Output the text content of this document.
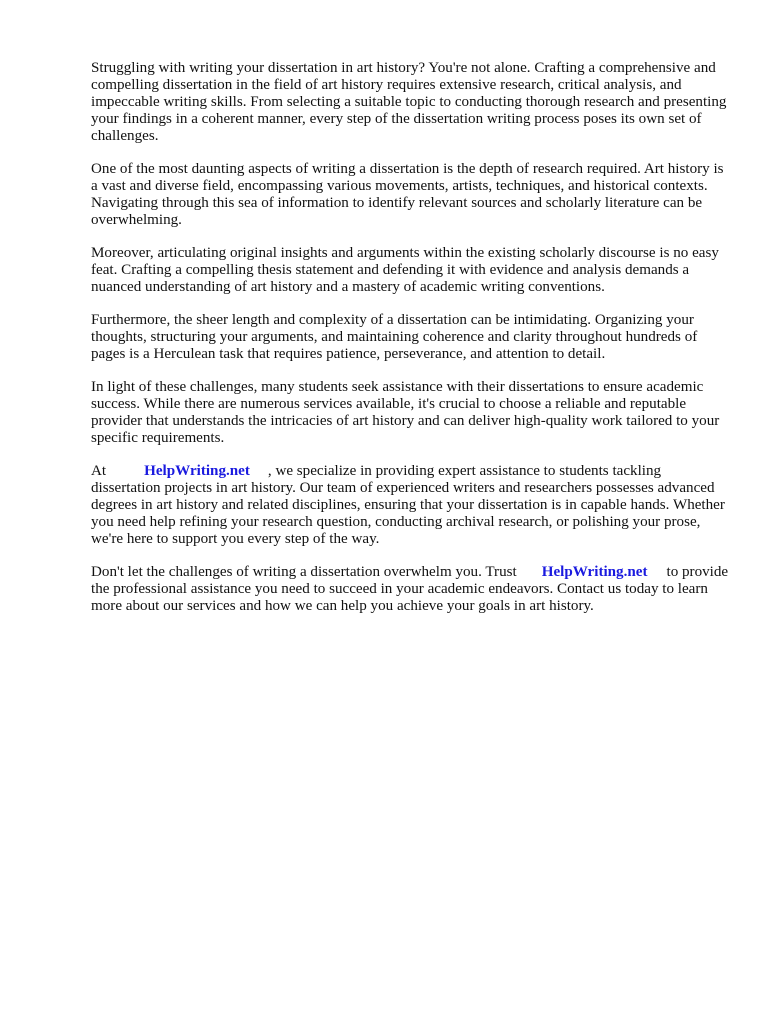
Struggling with writing your dissertation in art history? You're not alone. Crafting a comprehensive and compelling dissertation in the field of art history requires extensive research, critical analysis, and impeccable writing skills. From selecting a suitable topic to conducting thorough research and presenting your findings in a coherent manner, every step of the dissertation writing process poses its own set of challenges.

One of the most daunting aspects of writing a dissertation is the depth of research required. Art history is a vast and diverse field, encompassing various movements, artists, techniques, and historical contexts. Navigating through this sea of information to identify relevant sources and scholarly literature can be overwhelming.

Moreover, articulating original insights and arguments within the existing scholarly discourse is no easy feat. Crafting a compelling thesis statement and defending it with evidence and analysis demands a nuanced understanding of art history and a mastery of academic writing conventions.

Furthermore, the sheer length and complexity of a dissertation can be intimidating. Organizing your thoughts, structuring your arguments, and maintaining coherence and clarity throughout hundreds of pages is a Herculean task that requires patience, perseverance, and attention to detail.

In light of these challenges, many students seek assistance with their dissertations to ensure academic success. While there are numerous services available, it's crucial to choose a reliable and reputable provider that understands the intricacies of art history and can deliver high-quality work tailored to your specific requirements.

At	HelpWriting.net , we specialize in providing expert assistance to students tackling dissertation projects in art history. Our team of experienced writers and researchers possesses advanced degrees in art history and related disciplines, ensuring that your dissertation is in capable hands. Whether you need help refining your research question, conducting archival research, or polishing your prose, we're here to support you every step of the way.

Don't let the challenges of writing a dissertation overwhelm you. Trust HelpWriting.net to provide the professional assistance you need to succeed in your academic endeavors. Contact us today to learn more about our services and how we can help you achieve your goals in art history.
